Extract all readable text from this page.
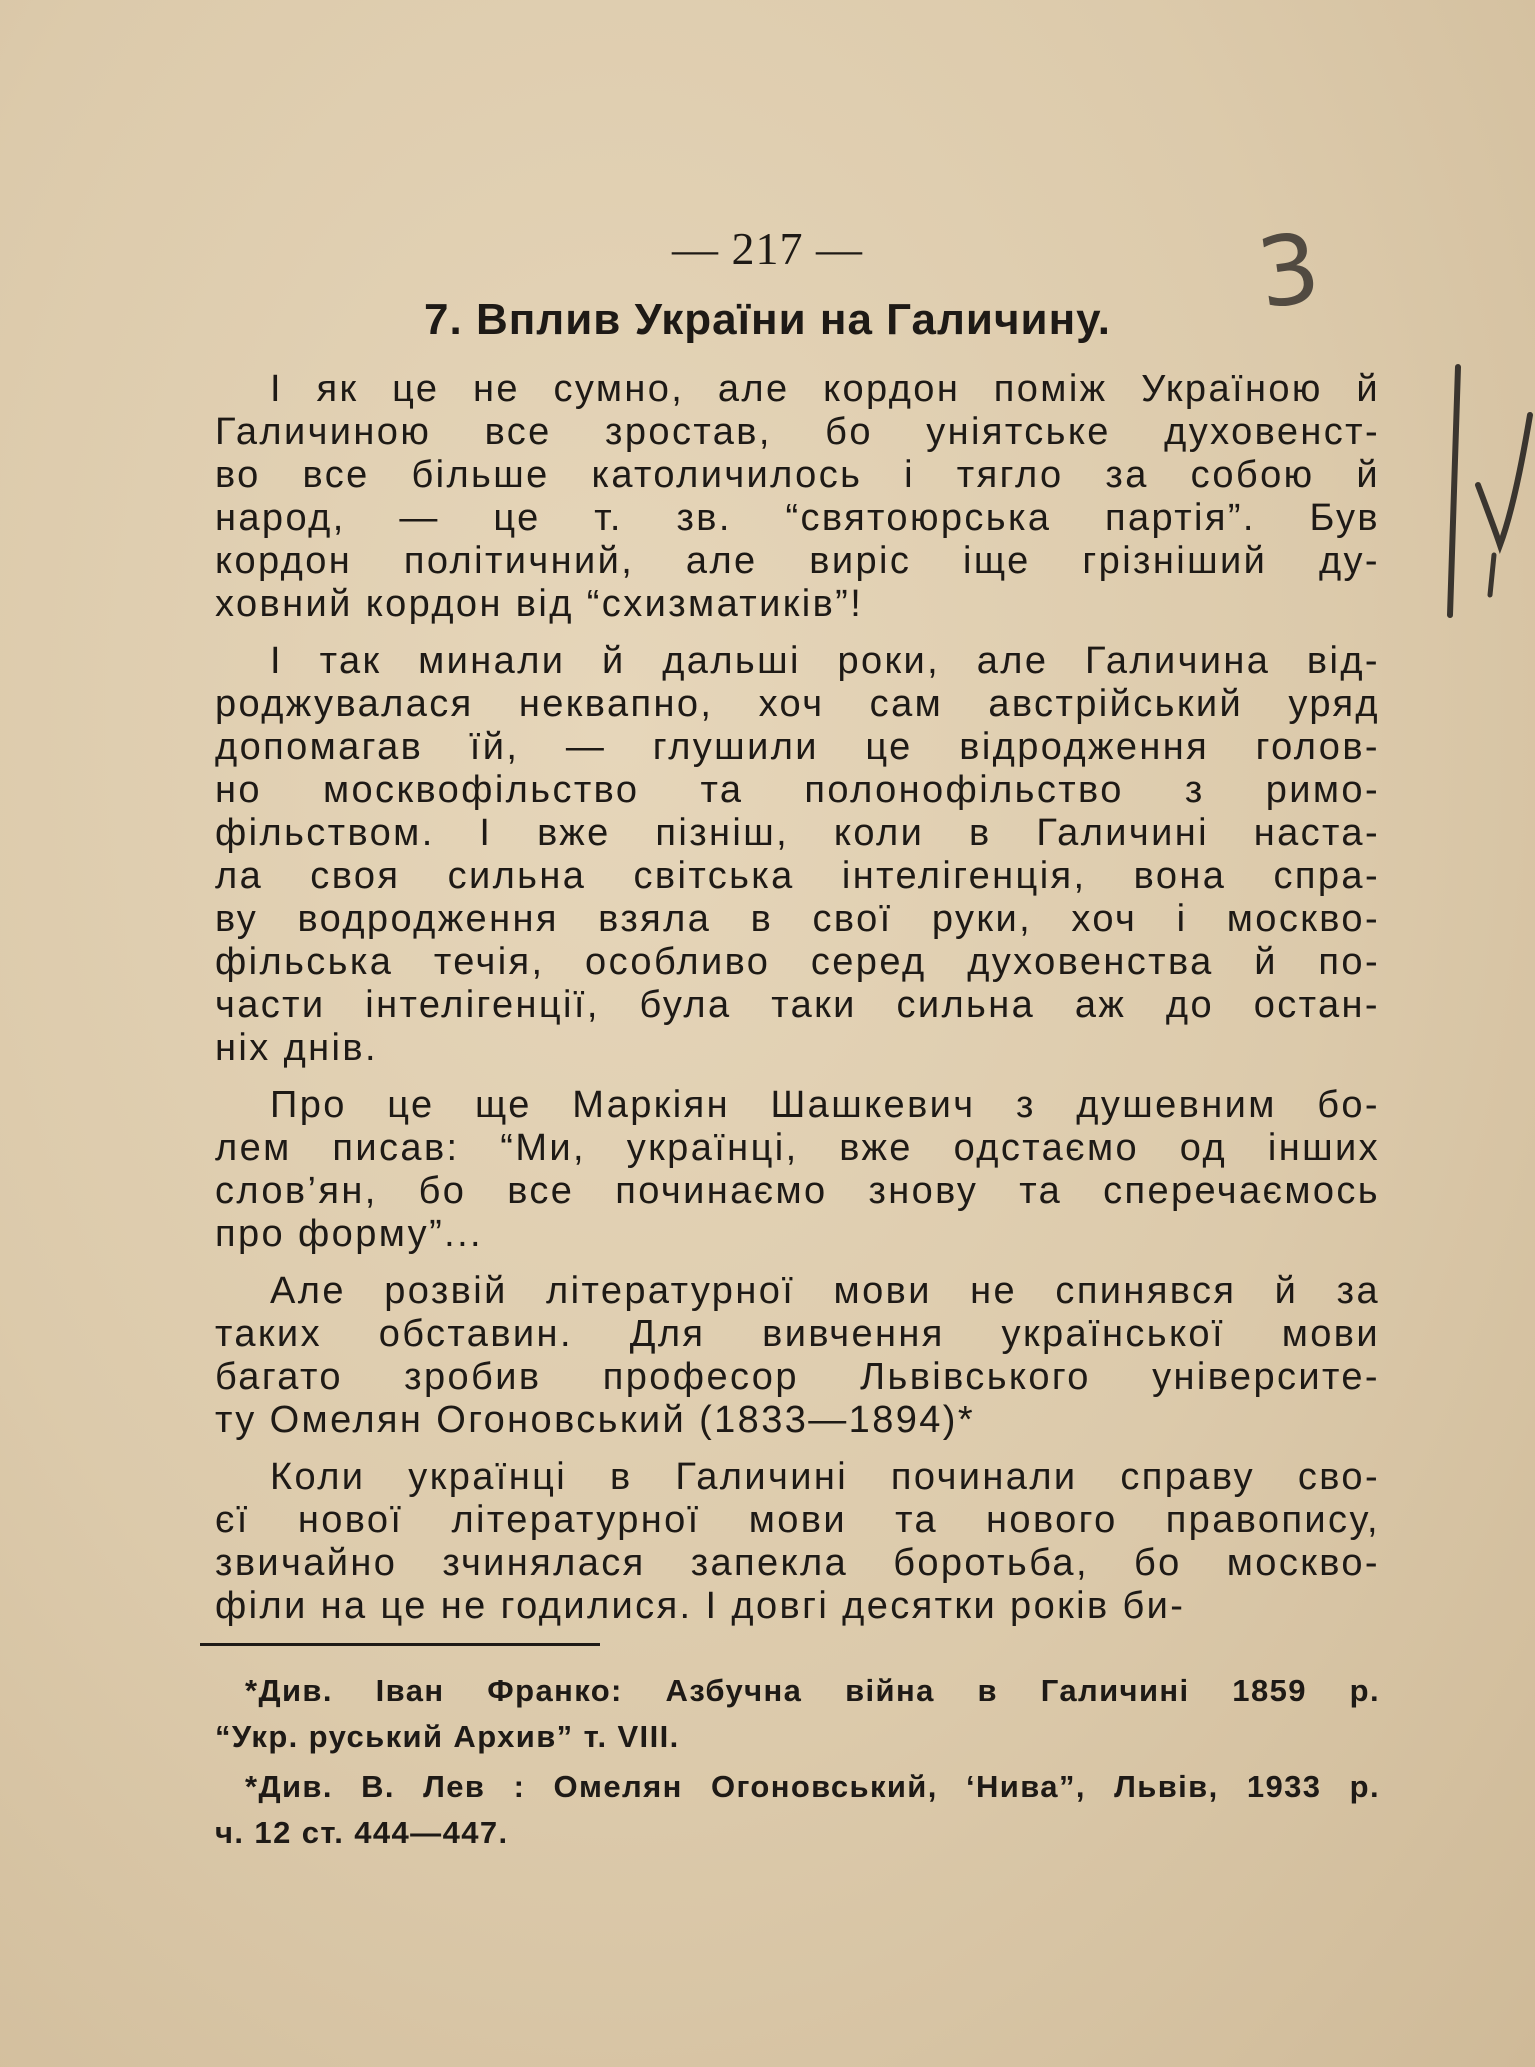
— 217 —
7. Вплив України на Галичину.	3
І як це не сумно, але кордон поміж Україною й
Галичиною все зростав, бо уніятське духовенст-
во все більше католичилось і тягло за собою й
народ, — це т. зв. “святоюрська партія”. Був
кордон політичний, але виріс іще грізніший ду-
ховний кордон від “схизматиків”!
І так минали й дальші роки, але Галичина від-
роджувалася неквапно, хоч сам австрійський уряд
допомагав їй, — глушили це відродження голов-
но москвофільство та полонофільство з римо-
фільством. І вже пізніш, коли в Галичині наста-
ла своя сильна світська інтелігенція, вона спра-
ву водродження взяла в свої руки, хоч і москво-
фільська течія, особливо серед духовенства й по-
части інтелігенції, була таки сильна аж до остан-
ніх днів.
Про це ще Маркіян Шашкевич з душевним бо-
лем писав: “Ми, українці, вже одстаємо од інших
слов’ян, бо все починаємо знову та сперечаємось
про форму”...
Але розвій літературної мови не спинявся й за
таких обставин. Для вивчення української мови
багато зробив професор Львівського університе-
ту Омелян Огоновський (1833—1894)*
Коли українці в Галичині починали справу сво-
єї нової літературної мови та нового правопису,
звичайно зчинялася запекла боротьба, бо москво-
філи на це не годилися. І довгі десятки років би-
*Див. Іван Франко: Азбучна війна в Галичині 1859 р.
“Укр. руський Архив” т. VIII.
*Див. В. Лев : Омелян Огоновський, ‘Нива”, Львів, 1933 р.
ч. 12 ст. 444—447.
